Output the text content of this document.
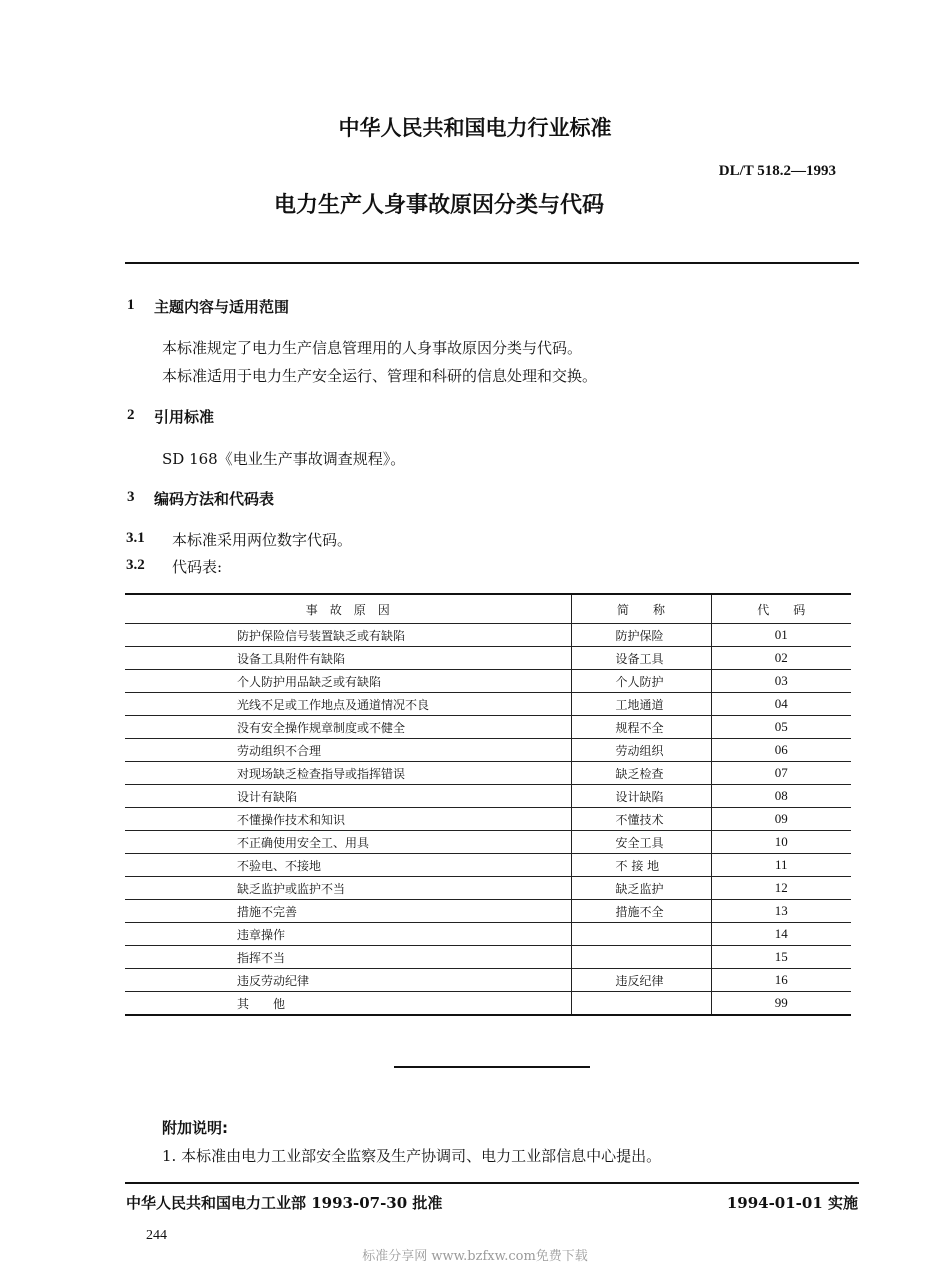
中华人民共和国电力行业标准
DL/T 518.2—1993
电力生产人身事故原因分类与代码
1 主题内容与适用范围
本标准规定了电力生产信息管理用的人身事故原因分类与代码。
本标准适用于电力生产安全运行、管理和科研的信息处理和交换。
2 引用标准
SD 168《电业生产事故调查规程》。
3 编码方法和代码表
3.1 本标准采用两位数字代码。
3.2 代码表:
事　故　原　因	简　　称	代　　码
防护保险信号装置缺乏或有缺陷	防护保险	01
设备工具附件有缺陷	设备工具	02
个人防护用品缺乏或有缺陷	个人防护	03
光线不足或工作地点及通道情况不良	工地通道	04
没有安全操作规章制度或不健全	规程不全	05
劳动组织不合理	劳动组织	06
对现场缺乏检查指导或指挥错误	缺乏检查	07
设计有缺陷	设计缺陷	08
不懂操作技术和知识	不懂技术	09
不正确使用安全工、用具	安全工具	10
不验电、不接地	不 接 地	11
缺乏监护或监护不当	缺乏监护	12
措施不完善	措施不全	13
违章操作		14
指挥不当		15
违反劳动纪律	违反纪律	16
其　　他		99
附加说明:
1. 本标准由电力工业部安全监察及生产协调司、电力工业部信息中心提出。
中华人民共和国电力工业部 1993-07-30 批准	1994-01-01 实施
244
标准分享网 www.bzfxw.com免费下载
